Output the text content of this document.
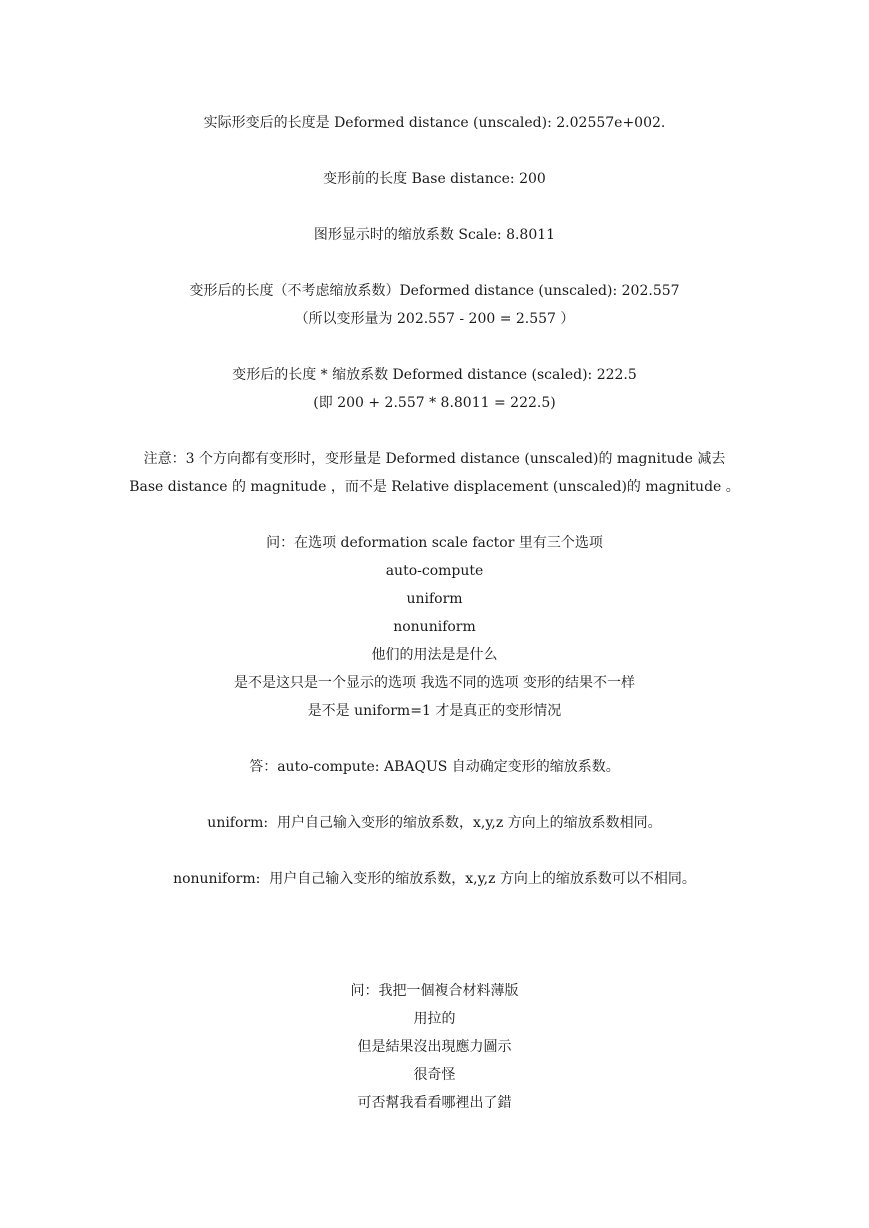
实际形变后的长度是 Deformed distance (unscaled): 2.02557e+002.
变形前的长度 Base distance: 200
图形显示时的缩放系数 Scale: 8.8011
变形后的长度（不考虑缩放系数）Deformed distance (unscaled): 202.557
（所以变形量为 202.557 - 200 = 2.557 ）
变形后的长度 * 缩放系数 Deformed distance (scaled): 222.5
(即 200 + 2.557 * 8.8011 = 222.5)
注意：3 个方向都有变形时，变形量是 Deformed distance (unscaled)的 magnitude 减去
Base distance 的 magnitude ，而不是 Relative displacement (unscaled)的 magnitude 。
问：在选项 deformation scale factor 里有三个选项
auto-compute
uniform
nonuniform
他们的用法是是什么
是不是这只是一个显示的选项 我选不同的选项 变形的结果不一样
是不是 uniform=1 才是真正的变形情况
答：auto-compute: ABAQUS 自动确定变形的缩放系数。
uniform:  用户自己输入变形的缩放系数，x,y,z 方向上的缩放系数相同。
nonuniform:  用户自己输入变形的缩放系数，x,y,z 方向上的缩放系数可以不相同。
问：我把一個複合材料薄版
用拉的
但是結果沒出現應力圖示
很奇怪
可否幫我看看哪裡出了錯
